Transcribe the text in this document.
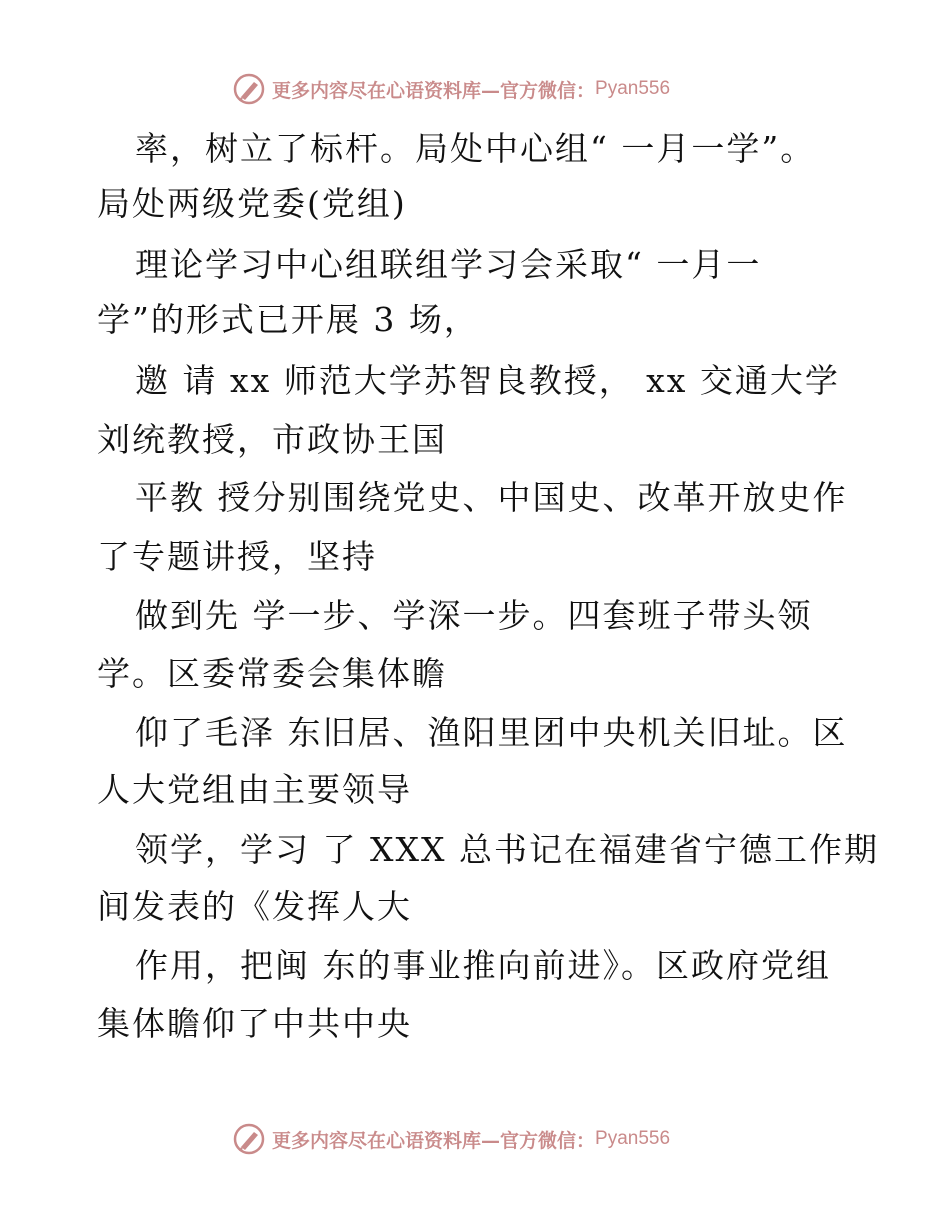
更多内容尽在心语资料库—官方微信： Pyan556
率，树立了标杆。局处中心组“ 一月一学”。
局处两级党委(党组)
理论学习中心组联组学习会采取“ 一月一
学”的形式已开展 3 场，
邀 请 xx 师范大学苏智良教授， xx 交通大学
刘统教授，市政协王国
平教 授分别围绕党史、中国史、改革开放史作
了专题讲授，坚持
做到先 学一步、学深一步。四套班子带头领
学。区委常委会集体瞻
仰了毛泽 东旧居、渔阳里团中央机关旧址。区
人大党组由主要领导
领学，学习 了 XXX 总书记在福建省宁德工作期
间发表的《发挥人大
作用，把闽 东的事业推向前进》。区政府党组
集体瞻仰了中共中央
更多内容尽在心语资料库—官方微信： Pyan556
